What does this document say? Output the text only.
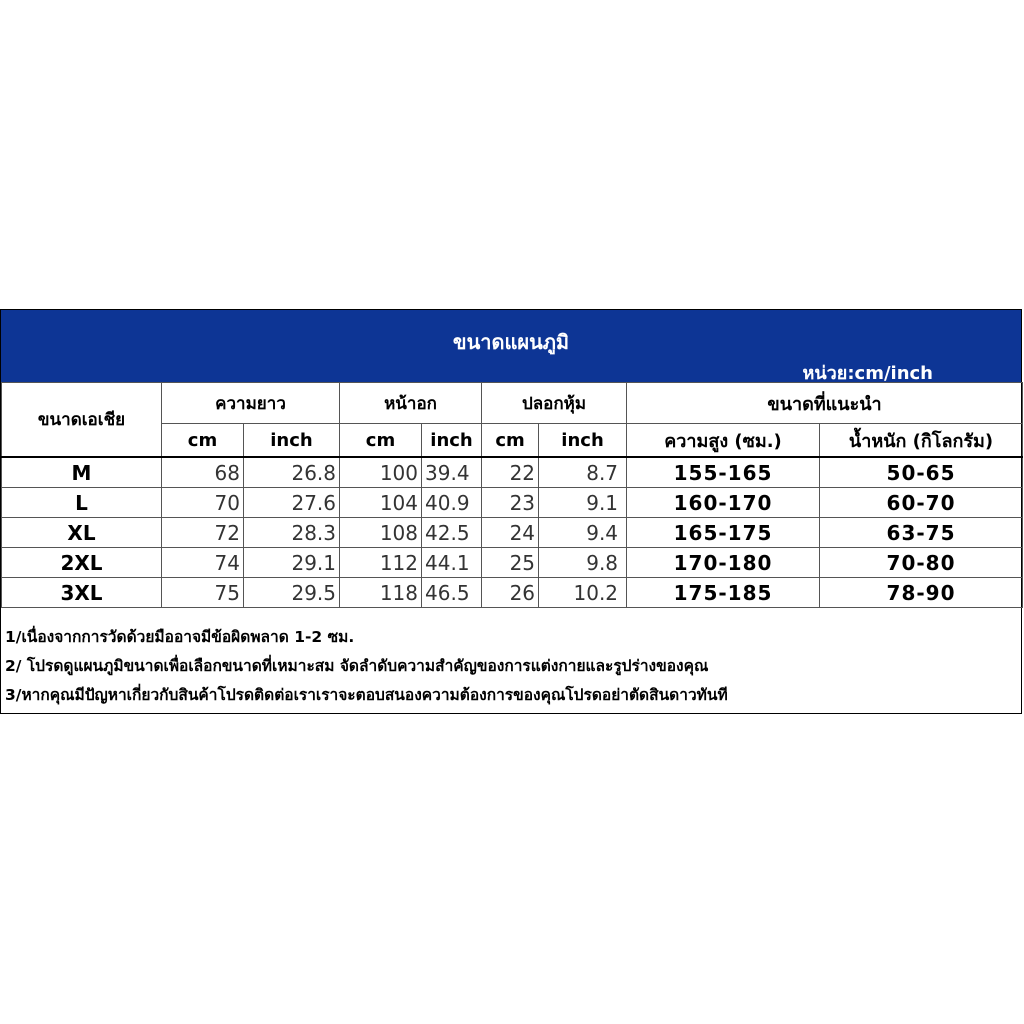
ขนาดแผนภูมิ
หน่วย:cm/inch
ขนาดเอเชีย	ความยาว		หน้าอก		ปลอกหุ้ม		ขนาดที่แนะนำ	
	cm	inch	cm	inch	cm	inch	ความสูง (ซม.)	น้ำหนัก (กิโลกรัม)
M	68	26.8	100	39.4	22	8.7	155-165	50-65
L	70	27.6	104	40.9	23	9.1	160-170	60-70
XL	72	28.3	108	42.5	24	9.4	165-175	63-75
2XL	74	29.1	112	44.1	25	9.8	170-180	70-80
3XL	75	29.5	118	46.5	26	10.2	175-185	78-90
1/เนื่องจากการวัดด้วยมืออาจมีข้อผิดพลาด 1-2 ซม.
2/ โปรดดูแผนภูมิขนาดเพื่อเลือกขนาดที่เหมาะสม จัดลำดับความสำคัญของการแต่งกายและรูปร่างของคุณ
3/หากคุณมีปัญหาเกี่ยวกับสินค้าโปรดติดต่อเราเราจะตอบสนองความต้องการของคุณโปรดอย่าตัดสินดาวทันที
